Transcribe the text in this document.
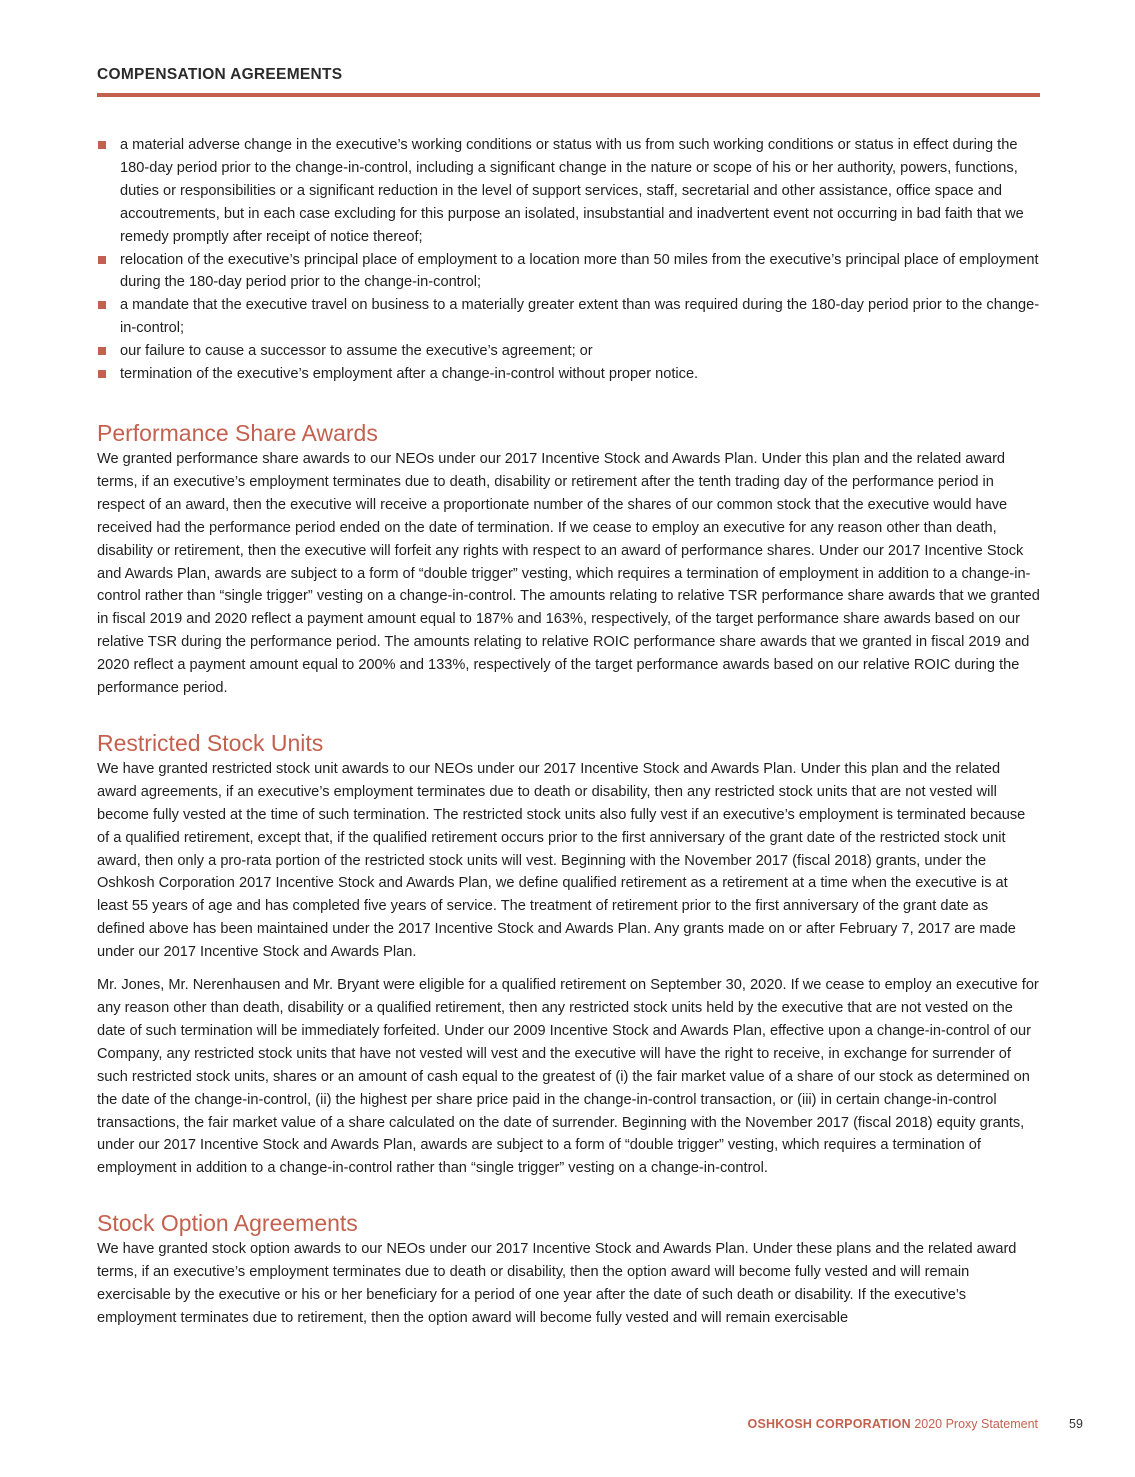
COMPENSATION AGREEMENTS
a material adverse change in the executive’s working conditions or status with us from such working conditions or status in effect during the 180-day period prior to the change-in-control, including a significant change in the nature or scope of his or her authority, powers, functions, duties or responsibilities or a significant reduction in the level of support services, staff, secretarial and other assistance, office space and accoutrements, but in each case excluding for this purpose an isolated, insubstantial and inadvertent event not occurring in bad faith that we remedy promptly after receipt of notice thereof;
relocation of the executive’s principal place of employment to a location more than 50 miles from the executive’s principal place of employment during the 180-day period prior to the change-in-control;
a mandate that the executive travel on business to a materially greater extent than was required during the 180-day period prior to the change-in-control;
our failure to cause a successor to assume the executive’s agreement; or
termination of the executive’s employment after a change-in-control without proper notice.
Performance Share Awards

We granted performance share awards to our NEOs under our 2017 Incentive Stock and Awards Plan. Under this plan and the related award terms, if an executive’s employment terminates due to death, disability or retirement after the tenth trading day of the performance period in respect of an award, then the executive will receive a proportionate number of the shares of our common stock that the executive would have received had the performance period ended on the date of termination. If we cease to employ an executive for any reason other than death, disability or retirement, then the executive will forfeit any rights with respect to an award of performance shares. Under our 2017 Incentive Stock and Awards Plan, awards are subject to a form of “double trigger” vesting, which requires a termination of employment in addition to a change-in-control rather than “single trigger” vesting on a change-in-control. The amounts relating to relative TSR performance share awards that we granted in fiscal 2019 and 2020 reflect a payment amount equal to 187% and 163%, respectively, of the target performance share awards based on our relative TSR during the performance period. The amounts relating to relative ROIC performance share awards that we granted in fiscal 2019 and 2020 reflect a payment amount equal to 200% and 133%, respectively of the target performance awards based on our relative ROIC during the performance period.

Restricted Stock Units

We have granted restricted stock unit awards to our NEOs under our 2017 Incentive Stock and Awards Plan. Under this plan and the related award agreements, if an executive’s employment terminates due to death or disability, then any restricted stock units that are not vested will become fully vested at the time of such termination. The restricted stock units also fully vest if an executive’s employment is terminated because of a qualified retirement, except that, if the qualified retirement occurs prior to the first anniversary of the grant date of the restricted stock unit award, then only a pro-rata portion of the restricted stock units will vest. Beginning with the November 2017 (fiscal 2018) grants, under the Oshkosh Corporation 2017 Incentive Stock and Awards Plan, we define qualified retirement as a retirement at a time when the executive is at least 55 years of age and has completed five years of service. The treatment of retirement prior to the first anniversary of the grant date as defined above has been maintained under the 2017 Incentive Stock and Awards Plan. Any grants made on or after February 7, 2017 are made under our 2017 Incentive Stock and Awards Plan.

Mr. Jones, Mr. Nerenhausen and Mr. Bryant were eligible for a qualified retirement on September 30, 2020. If we cease to employ an executive for any reason other than death, disability or a qualified retirement, then any restricted stock units held by the executive that are not vested on the date of such termination will be immediately forfeited. Under our 2009 Incentive Stock and Awards Plan, effective upon a change-in-control of our Company, any restricted stock units that have not vested will vest and the executive will have the right to receive, in exchange for surrender of such restricted stock units, shares or an amount of cash equal to the greatest of (i) the fair market value of a share of our stock as determined on the date of the change-in-control, (ii) the highest per share price paid in the change-in-control transaction, or (iii) in certain change-in-control transactions, the fair market value of a share calculated on the date of surrender. Beginning with the November 2017 (fiscal 2018) equity grants, under our 2017 Incentive Stock and Awards Plan, awards are subject to a form of “double trigger” vesting, which requires a termination of employment in addition to a change-in-control rather than “single trigger” vesting on a change-in-control.

Stock Option Agreements

We have granted stock option awards to our NEOs under our 2017 Incentive Stock and Awards Plan. Under these plans and the related award terms, if an executive’s employment terminates due to death or disability, then the option award will become fully vested and will remain exercisable by the executive or his or her beneficiary for a period of one year after the date of such death or disability. If the executive’s employment terminates due to retirement, then the option award will become fully vested and will remain exercisable

OSHKOSH CORPORATION 2020 Proxy Statement 59
